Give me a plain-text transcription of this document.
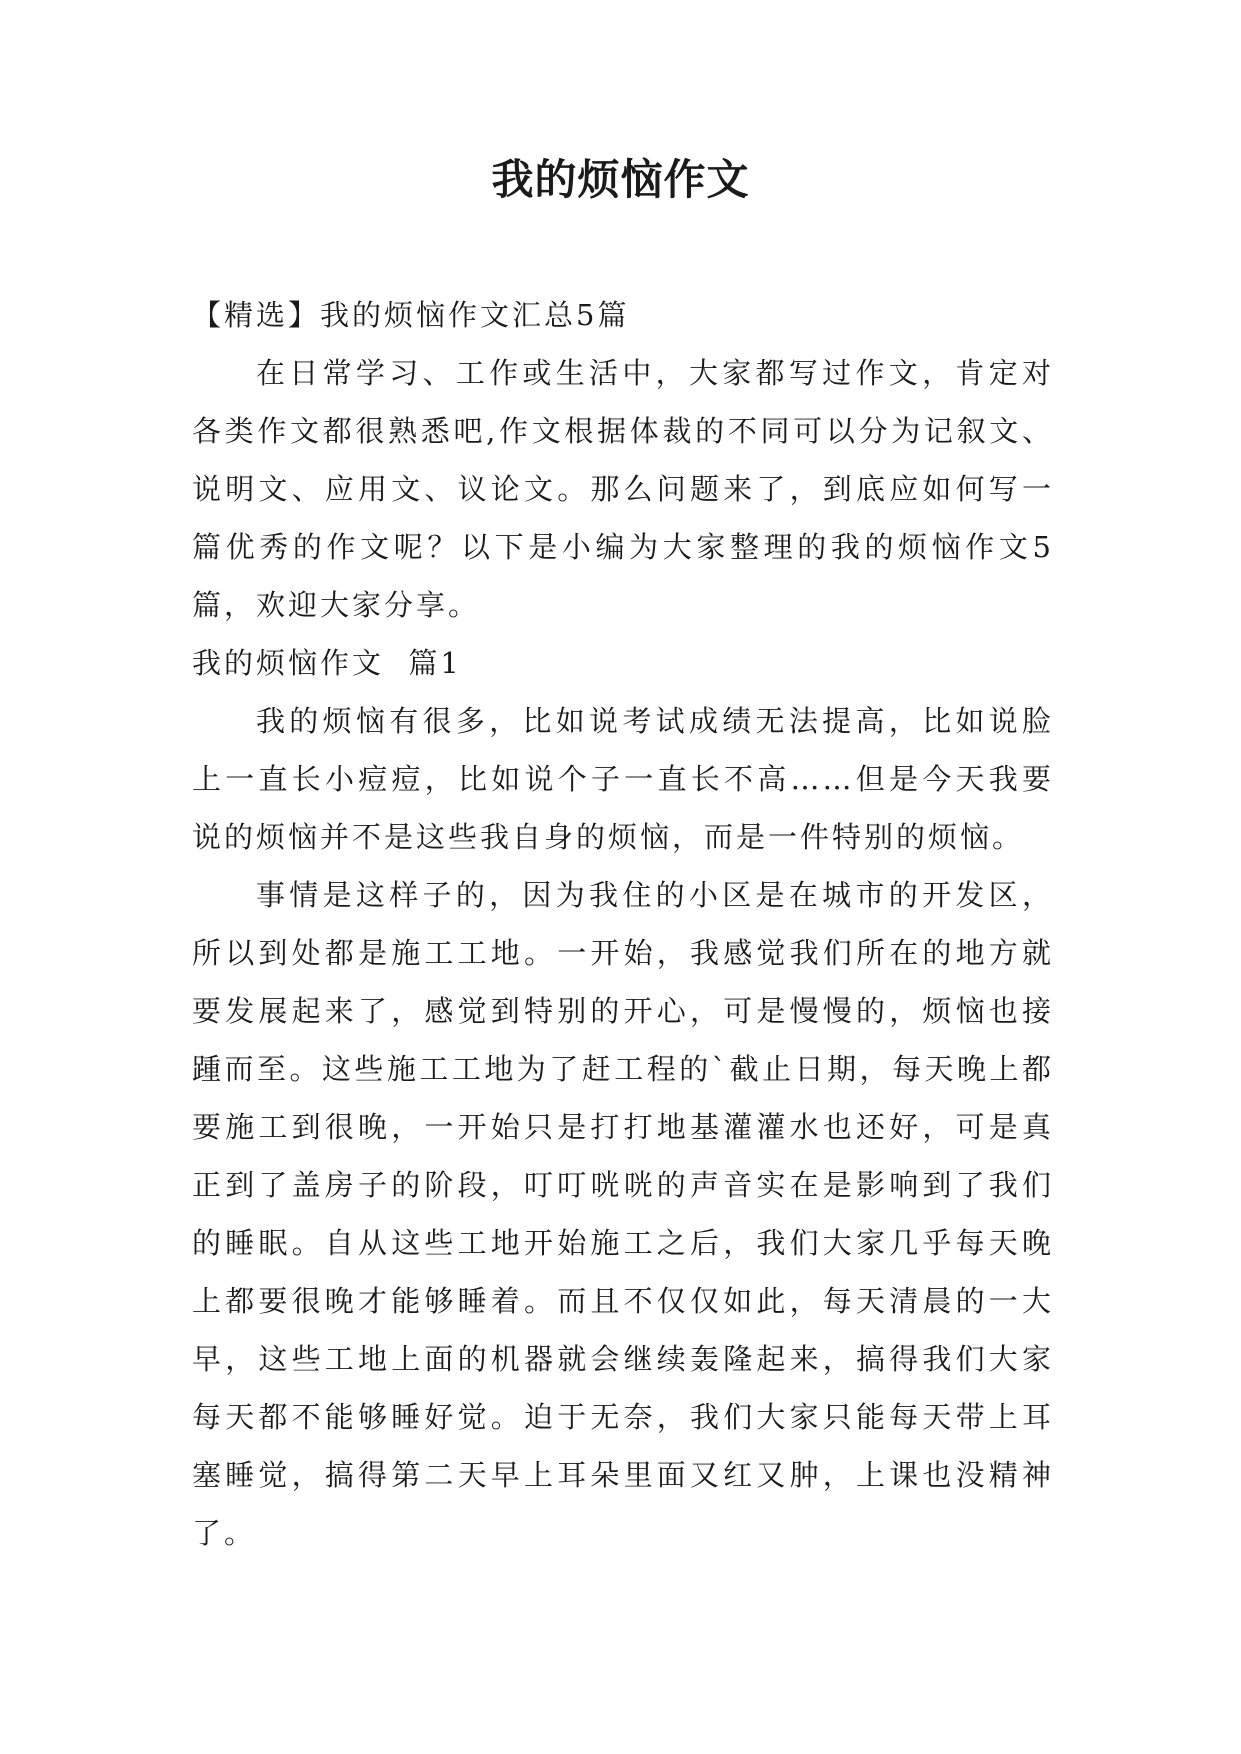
我的烦恼作文

【精选】我的烦恼作文汇总5篇

在日常学习、工作或生活中，大家都写过作文，肯定对各类作文都很熟悉吧,作文根据体裁的不同可以分为记叙文、说明文、应用文、议论文。那么问题来了，到底应如何写一篇优秀的作文呢？以下是小编为大家整理的我的烦恼作文5篇，欢迎大家分享。

我的烦恼作文  篇1

我的烦恼有很多，比如说考试成绩无法提高，比如说脸上一直长小痘痘，比如说个子一直长不高……但是今天我要说的烦恼并不是这些我自身的烦恼，而是一件特别的烦恼。

事情是这样子的，因为我住的小区是在城市的开发区，所以到处都是施工工地。一开始，我感觉我们所在的地方就要发展起来了，感觉到特别的开心，可是慢慢的，烦恼也接踵而至。这些施工工地为了赶工程的`截止日期，每天晚上都要施工到很晚，一开始只是打打地基灌灌水也还好，可是真正到了盖房子的阶段，叮叮咣咣的声音实在是影响到了我们的睡眠。自从这些工地开始施工之后，我们大家几乎每天晚上都要很晚才能够睡着。而且不仅仅如此，每天清晨的一大早，这些工地上面的机器就会继续轰隆起来，搞得我们大家每天都不能够睡好觉。迫于无奈，我们大家只能每天带上耳塞睡觉，搞得第二天早上耳朵里面又红又肿，上课也没精神了。
